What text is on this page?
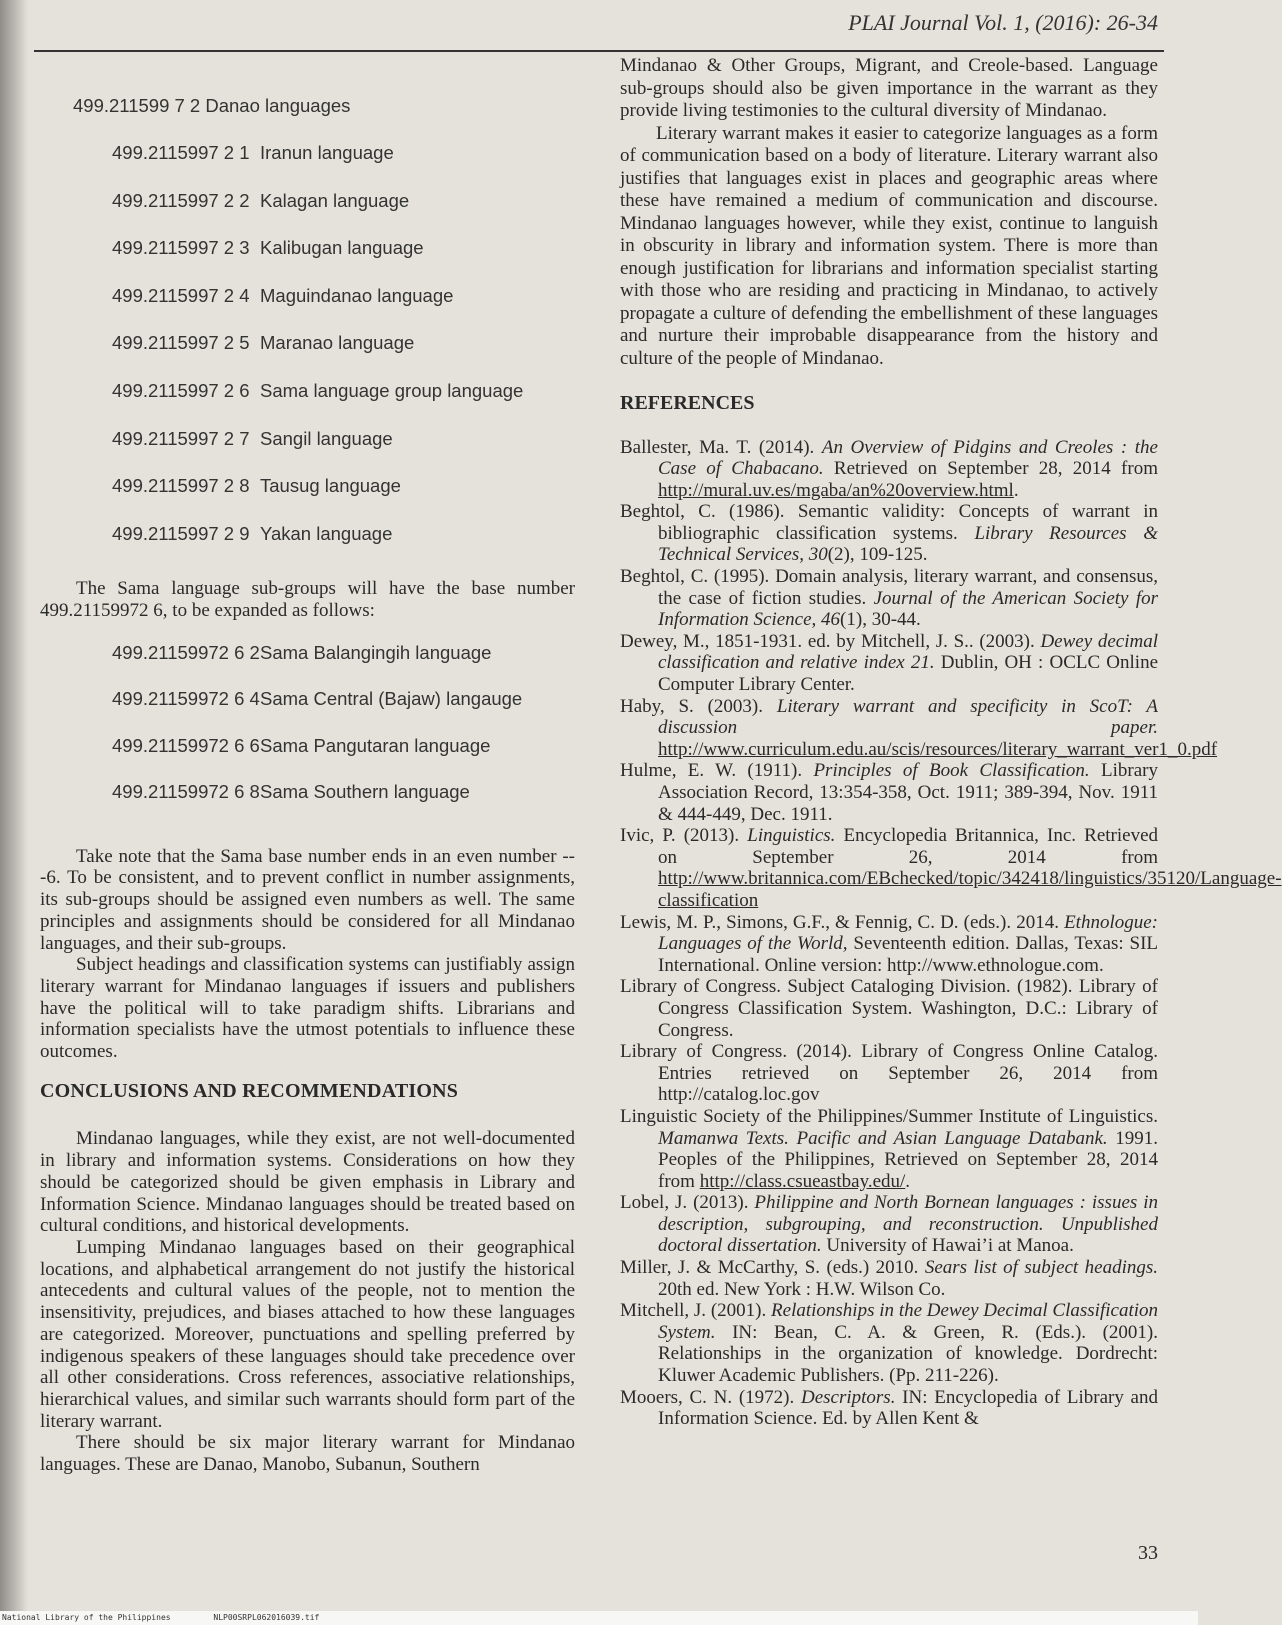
PLAI Journal Vol. 1, (2016): 26-34
499.211599 7 2 Danao languages
499.2115997 2 1 Iranun language
499.2115997 2 2 Kalagan language
499.2115997 2 3 Kalibugan language
499.2115997 2 4 Maguindanao language
499.2115997 2 5 Maranao language
499.2115997 2 6 Sama language group language
499.2115997 2 7 Sangil language
499.2115997 2 8 Tausug language
499.2115997 2 9 Yakan language

The Sama language sub-groups will have the base number 499.21159972 6, to be expanded as follows:

499.21159972 6 2 Sama Balangingih language
499.21159972 6 4 Sama Central (Bajaw) langauge
499.21159972 6 6 Sama Pangutaran language
499.21159972 6 8 Sama Southern language

Take note that the Sama base number ends in an even number ---6. To be consistent, and to prevent conflict in number assignments, its sub-groups should be assigned even numbers as well. The same principles and assignments should be considered for all Mindanao languages, and their sub-groups.

Subject headings and classification systems can justifiably assign literary warrant for Mindanao languages if issuers and publishers have the political will to take paradigm shifts. Librarians and information specialists have the utmost potentials to influence these outcomes.

CONCLUSIONS AND RECOMMENDATIONS

Mindanao languages, while they exist, are not well-documented in library and information systems. Considerations on how they should be categorized should be given emphasis in Library and Information Science. Mindanao languages should be treated based on cultural conditions, and historical developments.

Lumping Mindanao languages based on their geographical locations, and alphabetical arrangement do not justify the historical antecedents and cultural values of the people, not to mention the insensitivity, prejudices, and biases attached to how these languages are categorized. Moreover, punctuations and spelling preferred by indigenous speakers of these languages should take precedence over all other considerations. Cross references, associative relationships, hierarchical values, and similar such warrants should form part of the literary warrant.

There should be six major literary warrant for Mindanao languages. These are Danao, Manobo, Subanun, Southern

Mindanao & Other Groups, Migrant, and Creole-based. Language sub-groups should also be given importance in the warrant as they provide living testimonies to the cultural diversity of Mindanao.

Literary warrant makes it easier to categorize languages as a form of communication based on a body of literature. Literary warrant also justifies that languages exist in places and geographic areas where these have remained a medium of communication and discourse. Mindanao languages however, while they exist, continue to languish in obscurity in library and information system. There is more than enough justification for librarians and information specialist starting with those who are residing and practicing in Mindanao, to actively propagate a culture of defending the embellishment of these languages and nurture their improbable disappearance from the history and culture of the people of Mindanao.

REFERENCES

Ballester, Ma. T. (2014). An Overview of Pidgins and Creoles : the Case of Chabacano. Retrieved on September 28, 2014 from http://mural.uv.es/mgaba/an%20overview.html.

Beghtol, C. (1986). Semantic validity: Concepts of warrant in bibliographic classification systems. Library Resources & Technical Services, 30(2), 109-125.

Beghtol, C. (1995). Domain analysis, literary warrant, and consensus, the case of fiction studies. Journal of the American Society for Information Science, 46(1), 30-44.

Dewey, M., 1851-1931. ed. by Mitchell, J. S.. (2003). Dewey decimal classification and relative index 21. Dublin, OH : OCLC Online Computer Library Center.

Haby, S. (2003). Literary warrant and specificity in ScoT: A discussion paper. http://www.curriculum.edu.au/scis/resources/literary_warrant_ver1_0.pdf

Hulme, E. W. (1911). Principles of Book Classification. Library Association Record, 13:354-358, Oct. 1911; 389-394, Nov. 1911 & 444-449, Dec. 1911.

Ivic, P. (2013). Linguistics. Encyclopedia Britannica, Inc. Retrieved on September 26, 2014 from http://www.britannica.com/EBchecked/topic/342418/linguistics/35120/Language-classification

Lewis, M. P., Simons, G.F., & Fennig, C. D. (eds.). 2014. Ethnologue: Languages of the World, Seventeenth edition. Dallas, Texas: SIL International. Online version: http://www.ethnologue.com.

Library of Congress. Subject Cataloging Division. (1982). Library of Congress Classification System. Washington, D.C.: Library of Congress.

Library of Congress. (2014). Library of Congress Online Catalog. Entries retrieved on September 26, 2014 from http://catalog.loc.gov

Linguistic Society of the Philippines/Summer Institute of Linguistics. Mamanwa Texts. Pacific and Asian Language Databank. 1991. Peoples of the Philippines, Retrieved on September 28, 2014 from http://class.csueastbay.edu/.

Lobel, J. (2013). Philippine and North Bornean languages : issues in description, subgrouping, and reconstruction. Unpublished doctoral dissertation. University of Hawai’i at Manoa.

Miller, J. & McCarthy, S. (eds.) 2010. Sears list of subject headings. 20th ed. New York : H.W. Wilson Co.

Mitchell, J. (2001). Relationships in the Dewey Decimal Classification System. IN: Bean, C. A. & Green, R. (Eds.). (2001). Relationships in the organization of knowledge. Dordrecht: Kluwer Academic Publishers. (Pp. 211-226).

Mooers, C. N. (1972). Descriptors. IN: Encyclopedia of Library and Information Science. Ed. by Allen Kent &

33
National Library of the Philippines	NLP00SRPL062016039.tif
